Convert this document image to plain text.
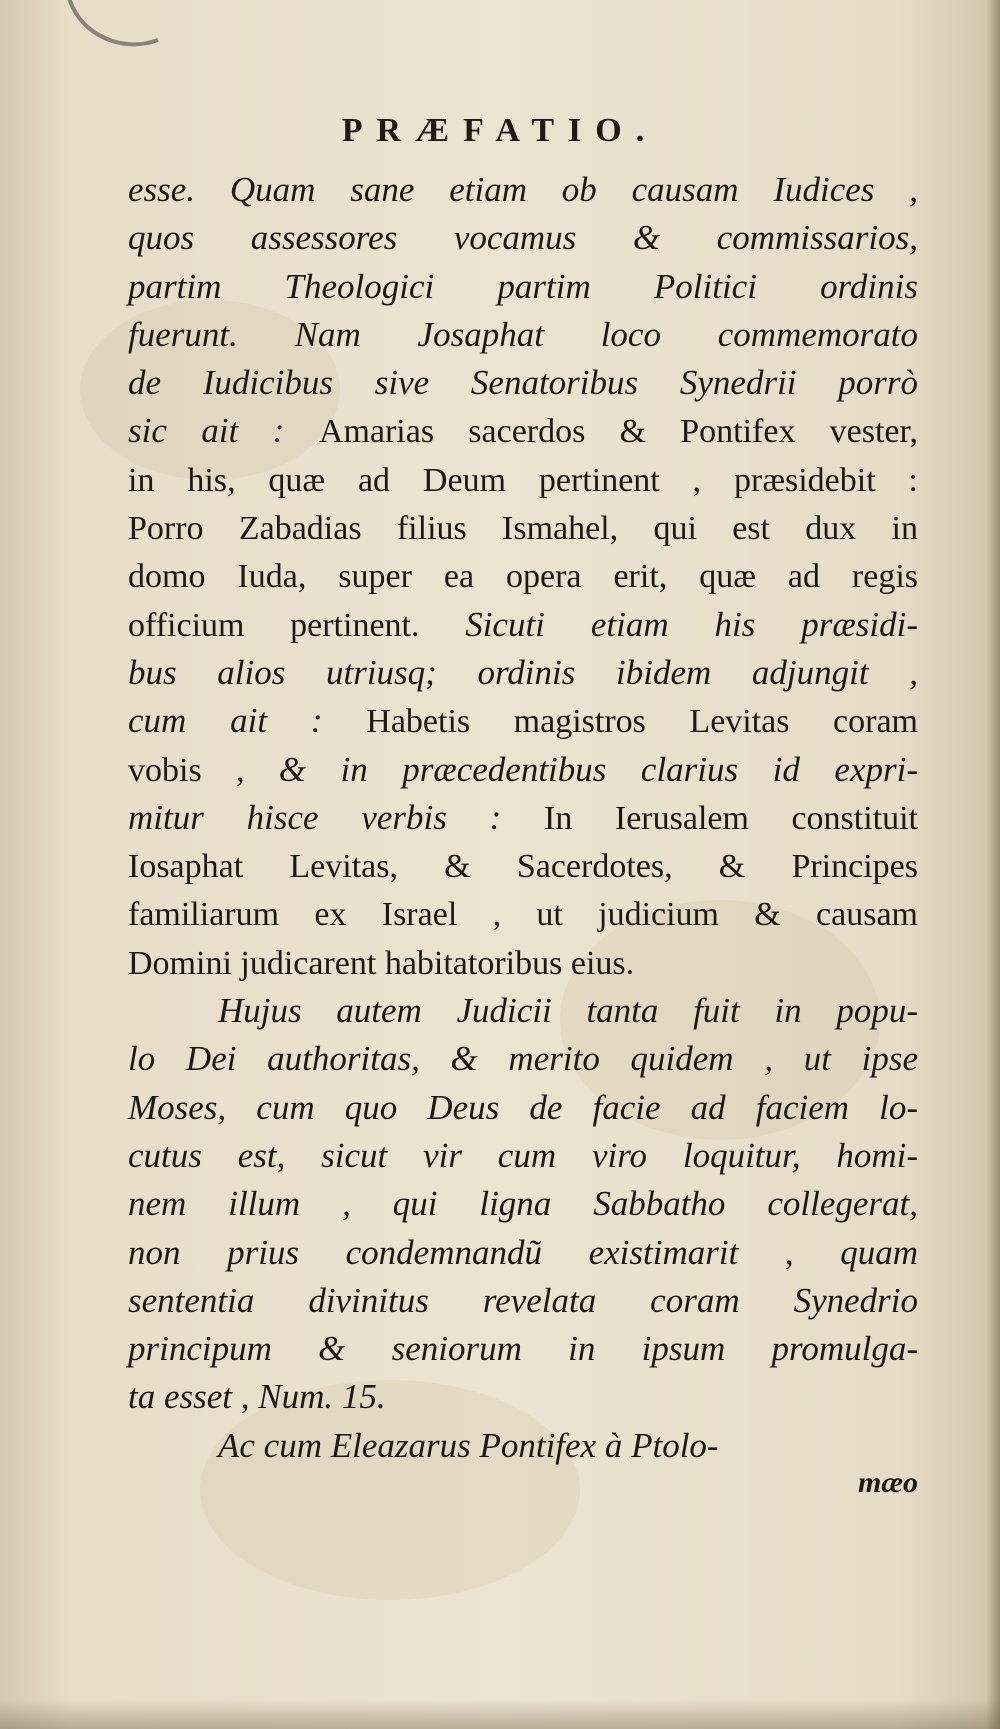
PRÆFATIO.
esse. Quam sane etiam ob causam Iudices ,
quos assessores vocamus & commissarios,
partim Theologici partim Politici ordinis
fuerunt. Nam Josaphat loco commemorato
de Iudicibus sive Senatoribus Synedrii porrò
sic ait : Amarias sacerdos & Pontifex vester,
in his, quæ ad Deum pertinent , præsidebit :
Porro Zabadias filius Ismahel, qui est dux in
domo Iuda, super ea opera erit, quæ ad regis
officium pertinent. Sicuti etiam his præsidi-
bus alios utriusq; ordinis ibidem adjungit ,
cum ait : Habetis magistros Levitas coram
vobis , & in præcedentibus clarius id expri-
mitur hisce verbis : In Ierusalem constituit
Iosaphat Levitas, & Sacerdotes, & Principes
familiarum ex Israel , ut judicium & causam
Domini judicarent habitatoribus eius.
Hujus autem Judicii tanta fuit in popu-
lo Dei authoritas, & merito quidem , ut ipse
Moses, cum quo Deus de facie ad faciem lo-
cutus est, sicut vir cum viro loquitur, homi-
nem illum , qui ligna Sabbatho collegerat,
non prius condemnandũ existimarit , quam
sententia divinitus revelata coram Synedrio
principum & seniorum in ipsum promulga-
ta esset , Num. 15.
Ac cum Eleazarus Pontifex à Ptolo-
mæo
